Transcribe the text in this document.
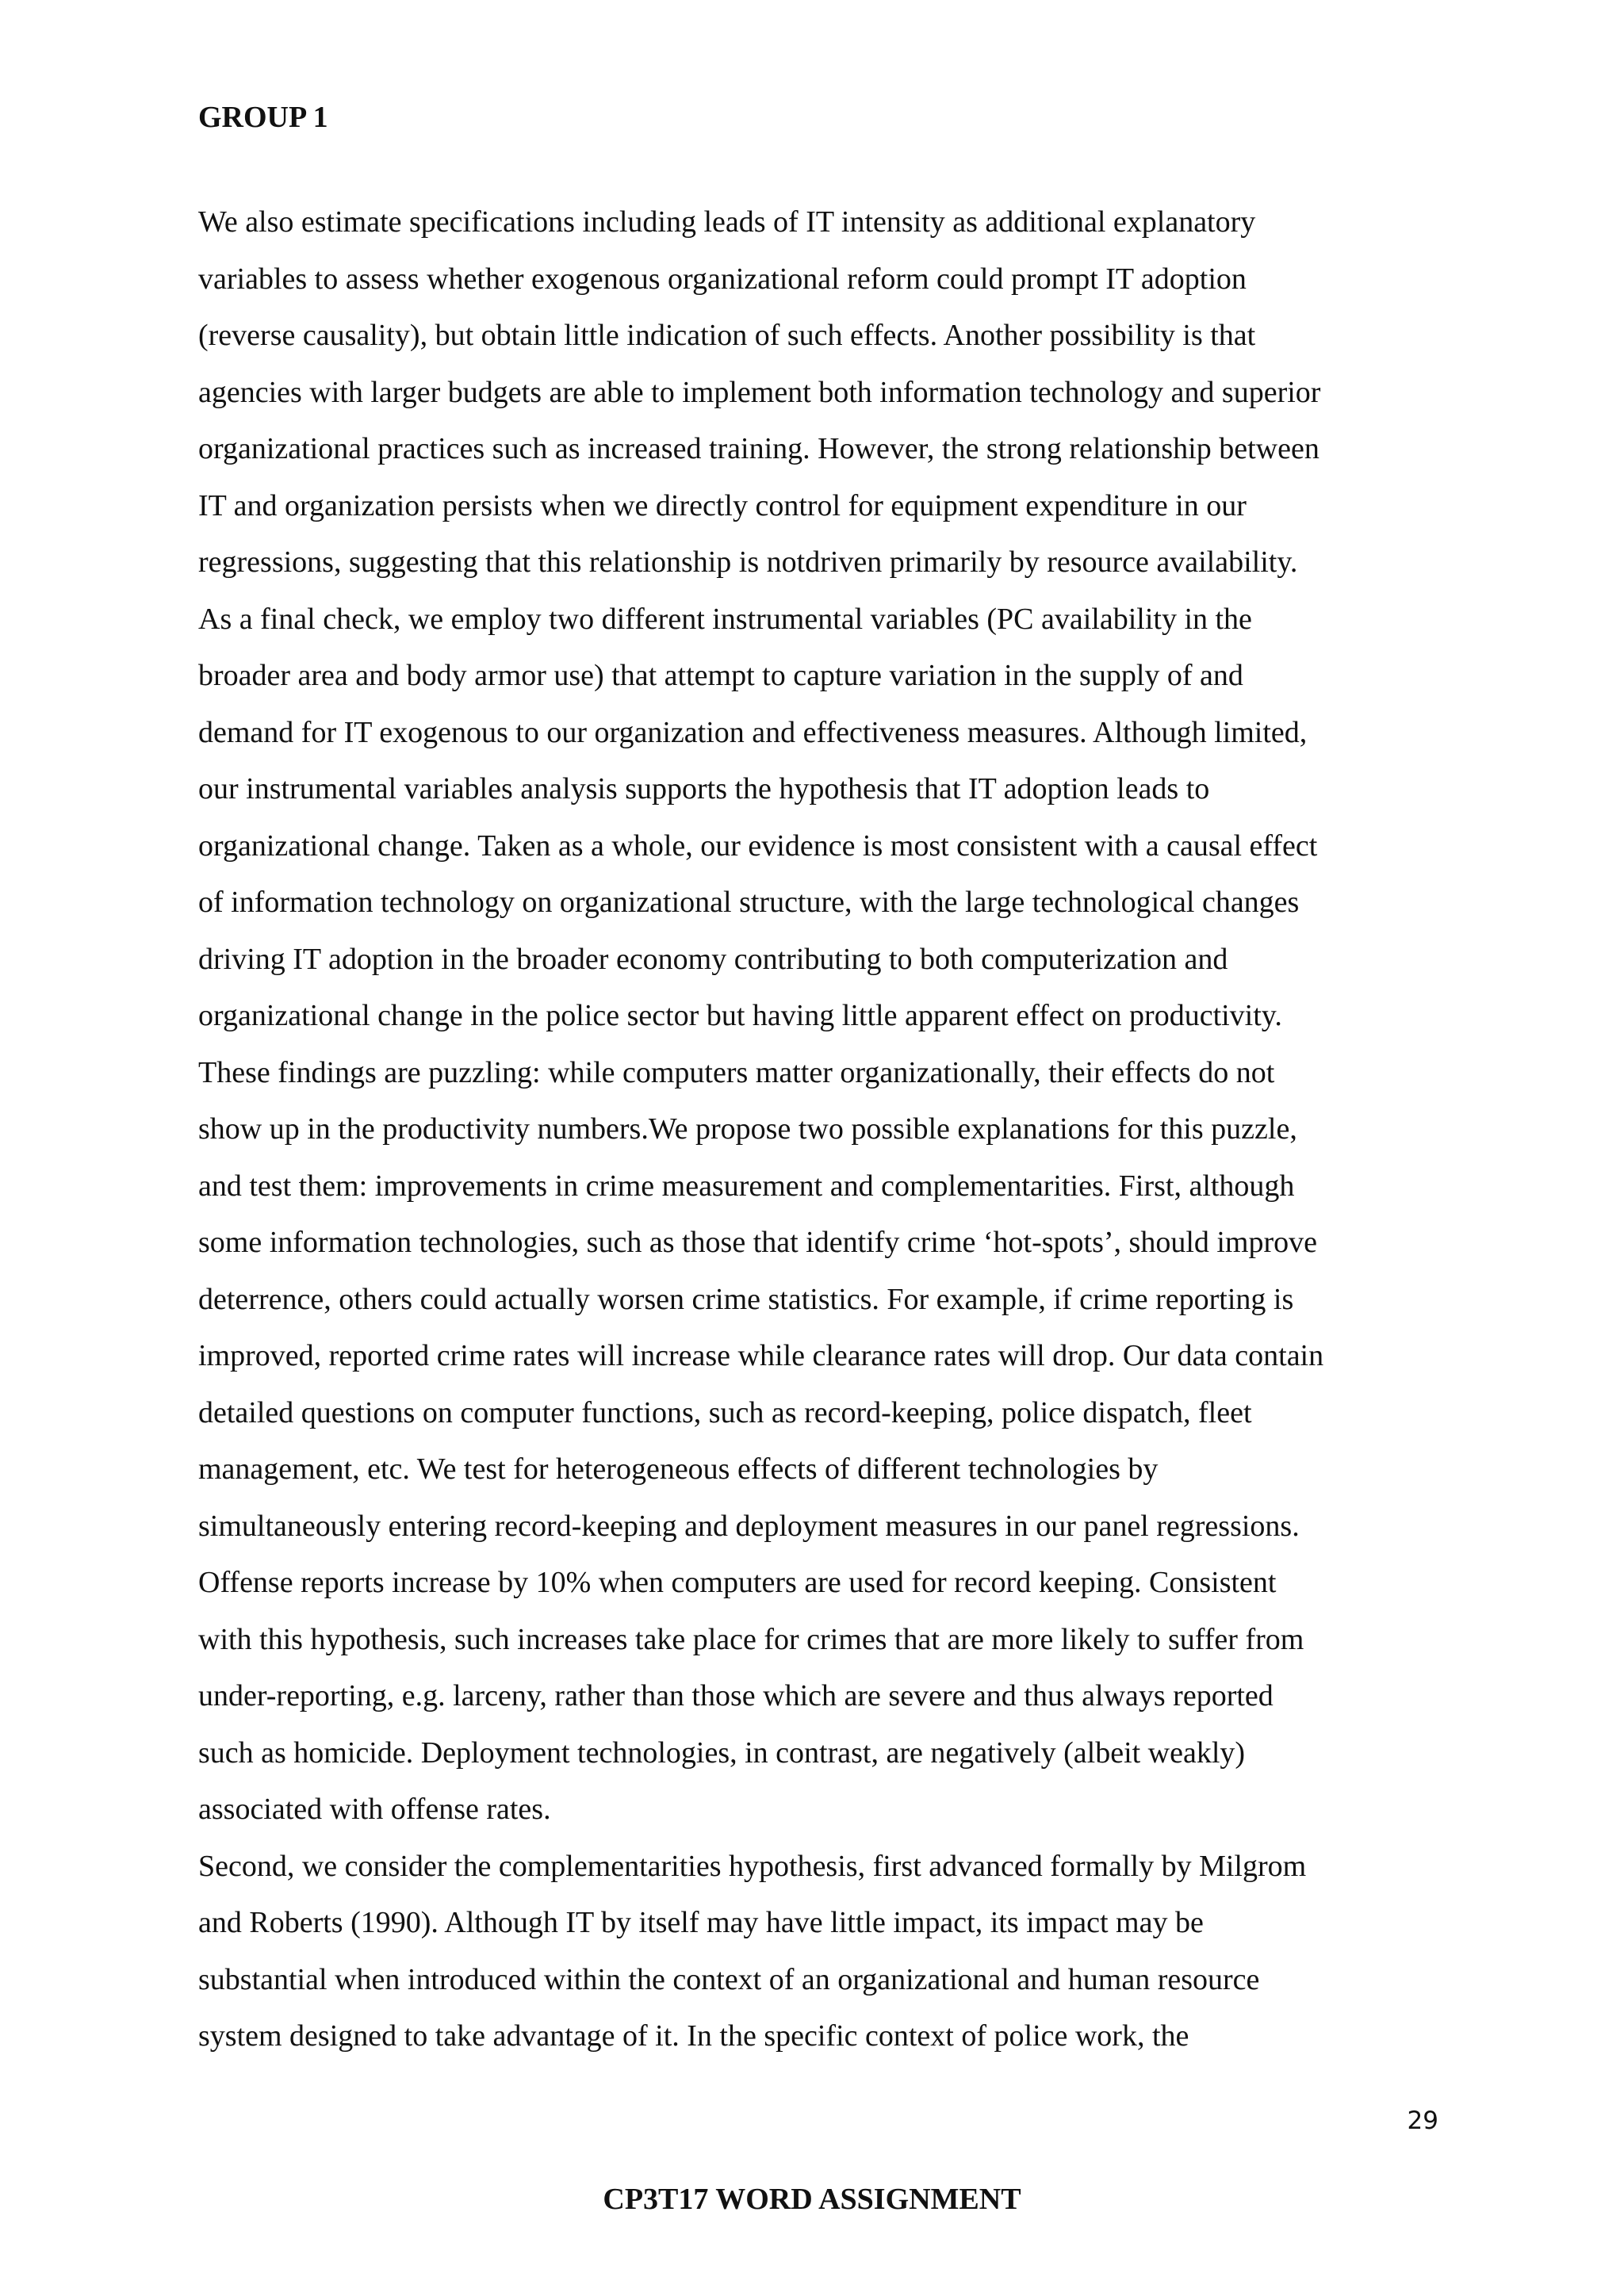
GROUP 1
We also estimate specifications including leads of IT intensity as additional explanatory
variables to assess whether exogenous organizational reform could prompt IT adoption
(reverse causality), but obtain little indication of such effects. Another possibility is that
agencies with larger budgets are able to implement both information technology and superior
organizational practices such as increased training. However, the strong relationship between
IT and organization persists when we directly control for equipment expenditure in our
regressions, suggesting that this relationship is notdriven primarily by resource availability.
As a final check, we employ two different instrumental variables (PC availability in the
broader area and body armor use) that attempt to capture variation in the supply of and
demand for IT exogenous to our organization and effectiveness measures. Although limited,
our instrumental variables analysis supports the hypothesis that IT adoption leads to
organizational change. Taken as a whole, our evidence is most consistent with a causal effect
of information technology on organizational structure, with the large technological changes
driving IT adoption in the broader economy contributing to both computerization and
organizational change in the police sector but having little apparent effect on productivity.
These findings are puzzling: while computers matter organizationally, their effects do not
show up in the productivity numbers.We propose two possible explanations for this puzzle,
and test them: improvements in crime measurement and complementarities. First, although
some information technologies, such as those that identify crime ‘hot-spots’, should improve
deterrence, others could actually worsen crime statistics. For example, if crime reporting is
improved, reported crime rates will increase while clearance rates will drop. Our data contain
detailed questions on computer functions, such as record-keeping, police dispatch, fleet
management, etc. We test for heterogeneous effects of different technologies by
simultaneously entering record-keeping and deployment measures in our panel regressions.
Offense reports increase by 10% when computers are used for record keeping. Consistent
with this hypothesis, such increases take place for crimes that are more likely to suffer from
under-reporting, e.g. larceny, rather than those which are severe and thus always reported
such as homicide. Deployment technologies, in contrast, are negatively (albeit weakly)
associated with offense rates.
Second, we consider the complementarities hypothesis, first advanced formally by Milgrom
and Roberts (1990). Although IT by itself may have little impact, its impact may be
substantial when introduced within the context of an organizational and human resource
system designed to take advantage of it. In the specific context of police work, the
29
CP3T17 WORD ASSIGNMENT
